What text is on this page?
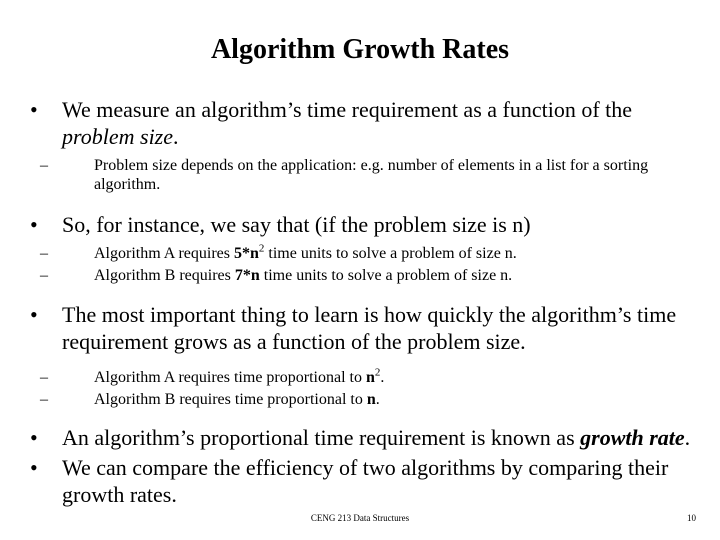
Algorithm Growth Rates
• We measure an algorithm’s time requirement as a function of the problem size.
–	Problem size depends on the application: e.g. number of elements in a list for a sorting algorithm.
• So, for instance, we say that (if the problem size is n)
–	Algorithm A requires $5*n^2$ time units to solve a problem of size n.
–	Algorithm B requires 7*n time units to solve a problem of size n.
• The most important thing to learn is how quickly the algorithm’s time requirement grows as a function of the problem size.
–	Algorithm A requires time proportional to $n^2$.
–	Algorithm B requires time proportional to n.
• An algorithm’s proportional time requirement is known as growth rate.
• We can compare the efficiency of two algorithms by comparing their growth rates.
CENG 213 Data Structures	10
